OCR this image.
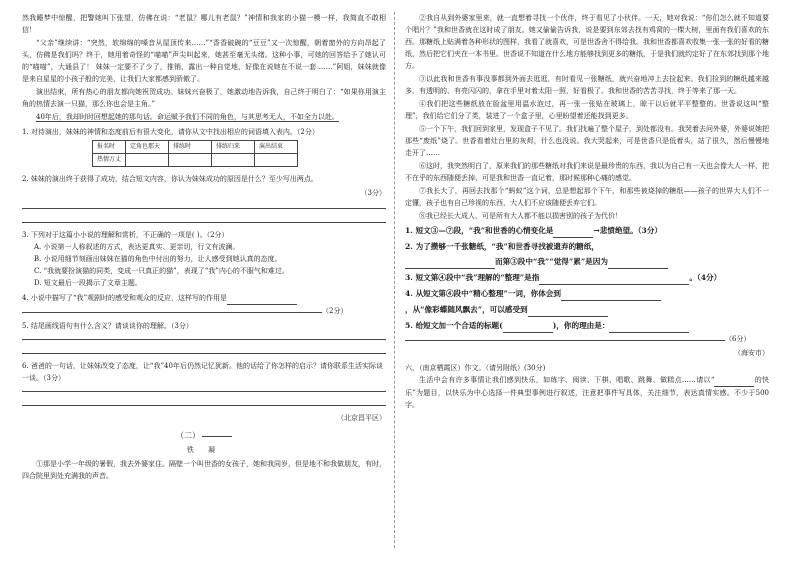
然我睡梦中惊醒，把警她叫下张望，仿佛在说：“老鼠？哪儿有老鼠？”神情和我家的小猫一模一样，我简直不敢相信！

“父亲”继续讲：“突然，软绵绵的嗓音从屋顶传来……”“香香破碗的“豆豆”又一次惊醒，朝着窗外的方向昂起了头，仿佛是我们吗？终于，她用着奇怪的“喵喵”声尖叫起来，她甚至毫无头绪。这种小事，可她的回答给予了她认可的“喵喵”，大通县了！ 妹妹一定要不了少了，推销，露出一种自觉地，好像在说她在不说一套 ……”阿姐，妹妹就像是来自星星的小孩子般的完美，让我们大家都感到骄傲了。

演出结束，所有热心的朋友都向她祝贺成功。妹妹兴奋极了，她激动地告诉我，自己终于明白了：“如果你用演主角的热情去演一只猫，那么你也会是主角。”

40年后，我却时时回想起她的那句话。命运赋予我们不同的角色，与其思考无人，不如全力以赴。

1. 对待演出，妹妹的神情和态度前后有很大变化，请你从文中找出相应的词语填入表内。（2分）
报名时	定角色那天	排练时	排练归来	演出结束
热情万丈				
2. 妹妹的演出终于获得了成功，结合短文内容，你认为妹妹成功的原因是什么？至少写出两点。
（3分）
3. 下列对于这篇小小说的理解和赏析，不正确的一项是( )。（2分）
A. 小说第一人称叙述的方式，表达更真实、更亲切，行文有波澜。
B. 小说用细节刻画出妹妹在猫的角色中付出的努力，让人感受到她认真的态度。
C. “我就要扮演猫的同类，变成一只真正的猫”，表现了“我”内心的不服气和难过。
D. 短文最后一段揭示了文章主题。
4. 小说中描写了“我”观剧时的感受和观众的反应，这样写的作用是
（2分）
5. 结尾画线语句有什么含义？请谈谈你的理解。（3分）
6. 爸爸的一句话，让妹妹改变了态度，让“我”40年后仍然记忆犹新。他的话给了你怎样的启示？请你联系生活实际谈一谈。（3分）
（北京昌平区）
（二）
铁 凝

①那是小学一年级的暑假，我去外婆家住。隔壁一个叫世香的女孩子，她和我同岁，但是地不和我做朋友，有时，四合院里到处充满我的声音。

②我自从到外婆家里来，就一直想着寻找一个伙伴，终于看见了小伙伴。一天，她对我说：“你们怎么就不知道要个唱片？”我和世香就在这时成了朋友。她又偷偷告诉我，说是要到东郊去找有鸡窝的一棵大树，里面有我们喜欢的东西。那糖纸上贴满着各种形状的图样，我看了就喜欢，可是世香舍不得给我。我和世香都喜欢收集一张一张的好看的糖纸，然后把它们夹在一本书里。世香说不知道在什么地方能够找到更多的糖纸，于是我们就约定好了在东郊找到那个地方。

③以此我和世香有事没事都到外面去逛逛，有时看见一张糖纸，就兴奋地冲上去捡起来。我们捡到的糖纸越来越多，有透明的、有亮闪闪的，拿在手里对着太阳一照，好看极了。我和世香的苦苦寻找，终于等来了那一天。

④我们把这些糖纸放在脸盆里用温水泡过，再一张一张贴在玻璃上，晾干以后就平平整整的。世香说这叫“整理”，我们给它们分了类，装进了一个盒子里，心里盼望着还能找到更多。

⑤一个下午，我们回到家里，发现盒子不见了。我们找遍了整个屋子，到处都没有。我哭着去问外婆，外婆说她把那些“废纸”烧了。世香看着灶台里的灰烬，什么也没说。我大哭起来，可是世香只是低着头，站了很久，然后慢慢地走开了……

⑥这时，我突然明白了，原来我们的那些糖纸对我们来说是最珍贵的东西，我以为自己有一天也会像大人一样，把不在乎的东西随便丢掉，可是我和世香一直记着，那时候那种心痛的感觉。

⑦我长大了，再回去找那个“蚂蚁”这个词，总是想起那个下午，和那些被烧掉的糖纸——孩子的世界大人们不一定懂，孩子也有自己珍视的东西，大人们不应该随便丢弃它们。

⑧我已经长大成人，可是所有大人都不能以损害别的孩子为代价！

1. 短文③—⑦段，“我”和世香的心情变化是	→悲愤绝望。（3分）
2. 为了攒够一千张糖纸，“我”和世香寻找被遗弃的糖纸，
而第③段中“我”“觉得”累”是因为
3. 短文第④段中“我”理解的“整理”是指	。（4分）
4. 从短文第④段中“精心整理”一词，你体会到
，从“像彩蝶随风飘去”，可以感受到
5. 给短文加一个合适的标题(	)，你的理由是：
（6分）
（海安市）
六、（南京栖霞区）作文。（请另附纸）(30分)

生活中会有许多事情让我们感到快乐，如练字、阅读、下棋、唱歌、跳舞、做糕点……请以“	的快乐”为题目，以快乐为中心选择一件典型事例进行叙述，注意把事件写具体，关注细节，表达真情实感。不少于500字。
